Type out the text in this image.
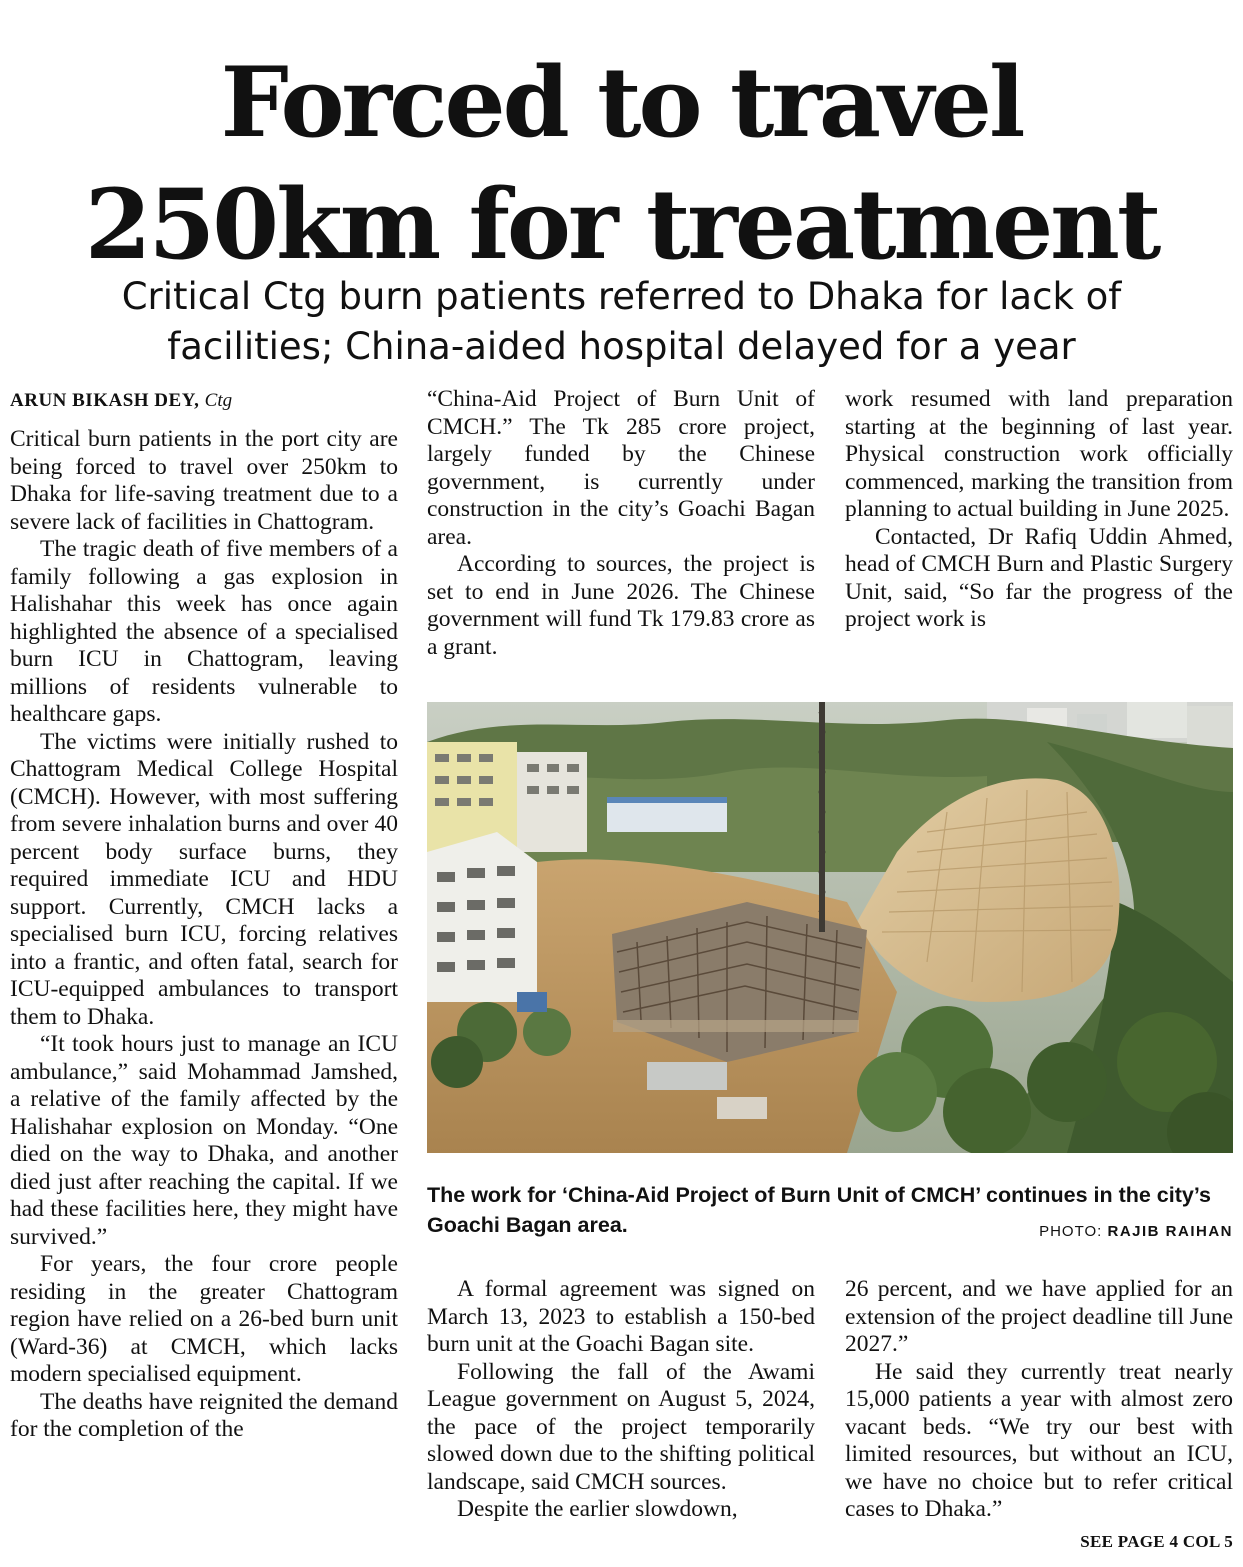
Forced to travel
250km for treatment
Critical Ctg burn patients referred to Dhaka for lack of
facilities; China-aided hospital delayed for a year
ARUN BIKASH DEY, Ctg

Critical burn patients in the port city are being forced to travel over 250km to Dhaka for life-saving treatment due to a severe lack of facilities in Chattogram.

The tragic death of five members of a family following a gas explosion in Halishahar this week has once again highlighted the absence of a specialised burn ICU in Chattogram, leaving millions of residents vulnerable to healthcare gaps.

The victims were initially rushed to Chattogram Medical College Hospital (CMCH). However, with most suffering from severe inhalation burns and over 40 percent body surface burns, they required immediate ICU and HDU support. Currently, CMCH lacks a specialised burn ICU, forcing relatives into a frantic, and often fatal, search for ICU-equipped ambulances to transport them to Dhaka.

“It took hours just to manage an ICU ambulance,” said Mohammad Jamshed, a relative of the family affected by the Halishahar explosion on Monday. “One died on the way to Dhaka, and another died just after reaching the capital. If we had these facilities here, they might have survived.”

For years, the four crore people residing in the greater Chattogram region have relied on a 26-bed burn unit (Ward-36) at CMCH, which lacks modern specialised equipment.

The deaths have reignited the demand for the completion of the

“China-Aid Project of Burn Unit of CMCH.” The Tk 285 crore project, largely funded by the Chinese government, is currently under construction in the city’s Goachi Bagan area.

According to sources, the project is set to end in June 2026. The Chinese government will fund Tk 179.83 crore as a grant.

work resumed with land preparation starting at the beginning of last year. Physical construction work officially commenced, marking the transition from planning to actual building in June 2025.

Contacted, Dr Rafiq Uddin Ahmed, head of CMCH Burn and Plastic Surgery Unit, said, “So far the progress of the project work is

The work for ‘China-Aid Project of Burn Unit of CMCH’ continues in the city’s Goachi Bagan area.	PHOTO: RAJIB RAIHAN

A formal agreement was signed on March 13, 2023 to establish a 150-bed burn unit at the Goachi Bagan site.

Following the fall of the Awami League government on August 5, 2024, the pace of the project temporarily slowed down due to the shifting political landscape, said CMCH sources.

Despite the earlier slowdown,

26 percent, and we have applied for an extension of the project deadline till June 2027.”

He said they currently treat nearly 15,000 patients a year with almost zero vacant beds. “We try our best with limited resources, but without an ICU, we have no choice but to refer critical cases to Dhaka.”

SEE PAGE 4 COL 5
